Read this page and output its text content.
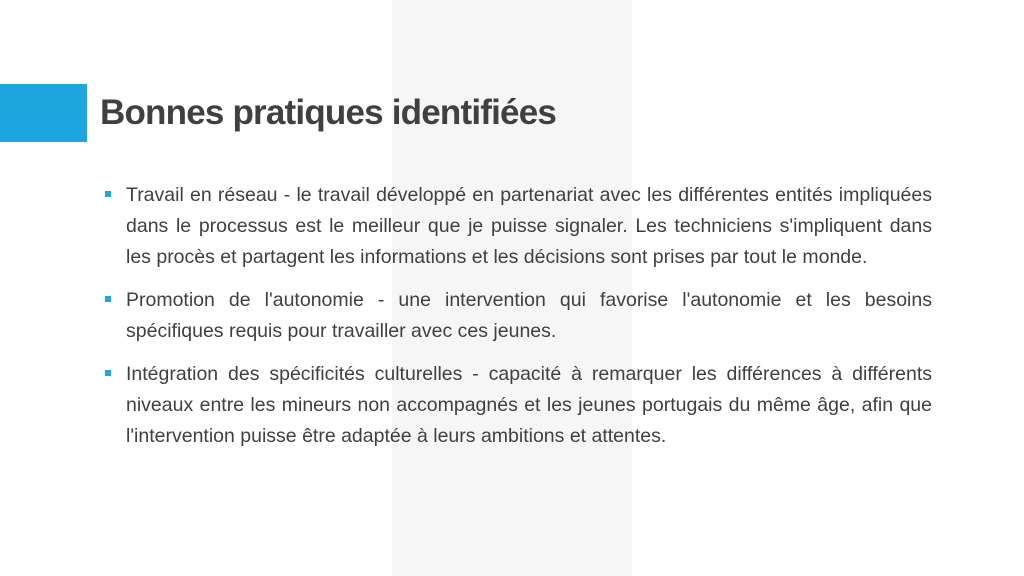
Bonnes pratiques identifiées
Travail en réseau - le travail développé en partenariat avec les différentes entités impliquées dans le processus est le meilleur que je puisse signaler. Les techniciens s'impliquent dans les procès et partagent les informations et les décisions sont prises par tout le monde.
Promotion de l'autonomie - une intervention qui favorise l'autonomie et les besoins spécifiques requis pour travailler avec ces jeunes.
Intégration des spécificités culturelles - capacité à remarquer les différences à différents niveaux entre les mineurs non accompagnés et les jeunes portugais du même âge, afin que l'intervention puisse être adaptée à leurs ambitions et attentes.
